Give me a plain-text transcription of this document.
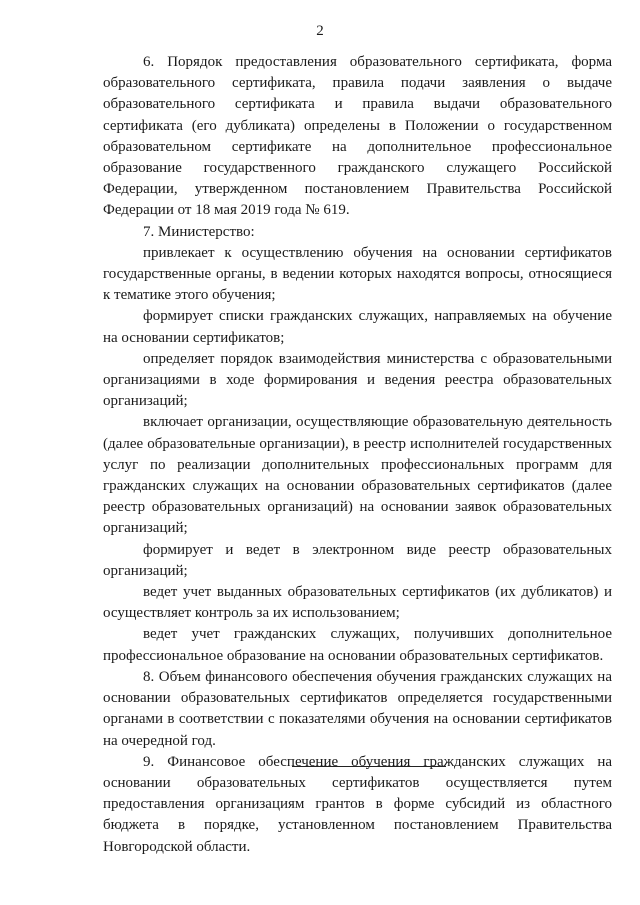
2

6. Порядок предоставления образовательного сертификата, форма образовательного сертификата, правила подачи заявления о выдаче образовательного сертификата и правила выдачи образовательного сертификата (его дубликата) определены в Положении о государственном образовательном сертификате на дополнительное профессиональное образование государственного гражданского служащего Российской Федерации, утвержденном постановлением Правительства Российской Федерации от 18 мая 2019 года № 619.

7. Министерство:

привлекает к осуществлению обучения на основании сертификатов государственные органы, в ведении которых находятся вопросы, относящиеся к тематике этого обучения;

формирует списки гражданских служащих, направляемых на обучение на основании сертификатов;

определяет порядок взаимодействия министерства с образовательными организациями в ходе формирования и ведения реестра образовательных организаций;

включает организации, осуществляющие образовательную деятельность (далее образовательные организации), в реестр исполнителей государственных услуг по реализации дополнительных профессиональных программ для гражданских служащих на основании образовательных сертификатов (далее реестр образовательных организаций) на основании заявок образовательных организаций;

формирует и ведет в электронном виде реестр образовательных организаций;

ведет учет выданных образовательных сертификатов (их дубликатов) и осуществляет контроль за их использованием;

ведет учет гражданских служащих, получивших дополнительное профессиональное образование на основании образовательных сертификатов.

8. Объем финансового обеспечения обучения гражданских служащих на основании образовательных сертификатов определяется государственными органами в соответствии с показателями обучения на основании сертификатов на очередной год.

9. Финансовое обеспечение обучения гражданских служащих на основании образовательных сертификатов осуществляется путем предоставления организациям грантов в форме субсидий из областного бюджета в порядке, установленном постановлением Правительства Новгородской области.
